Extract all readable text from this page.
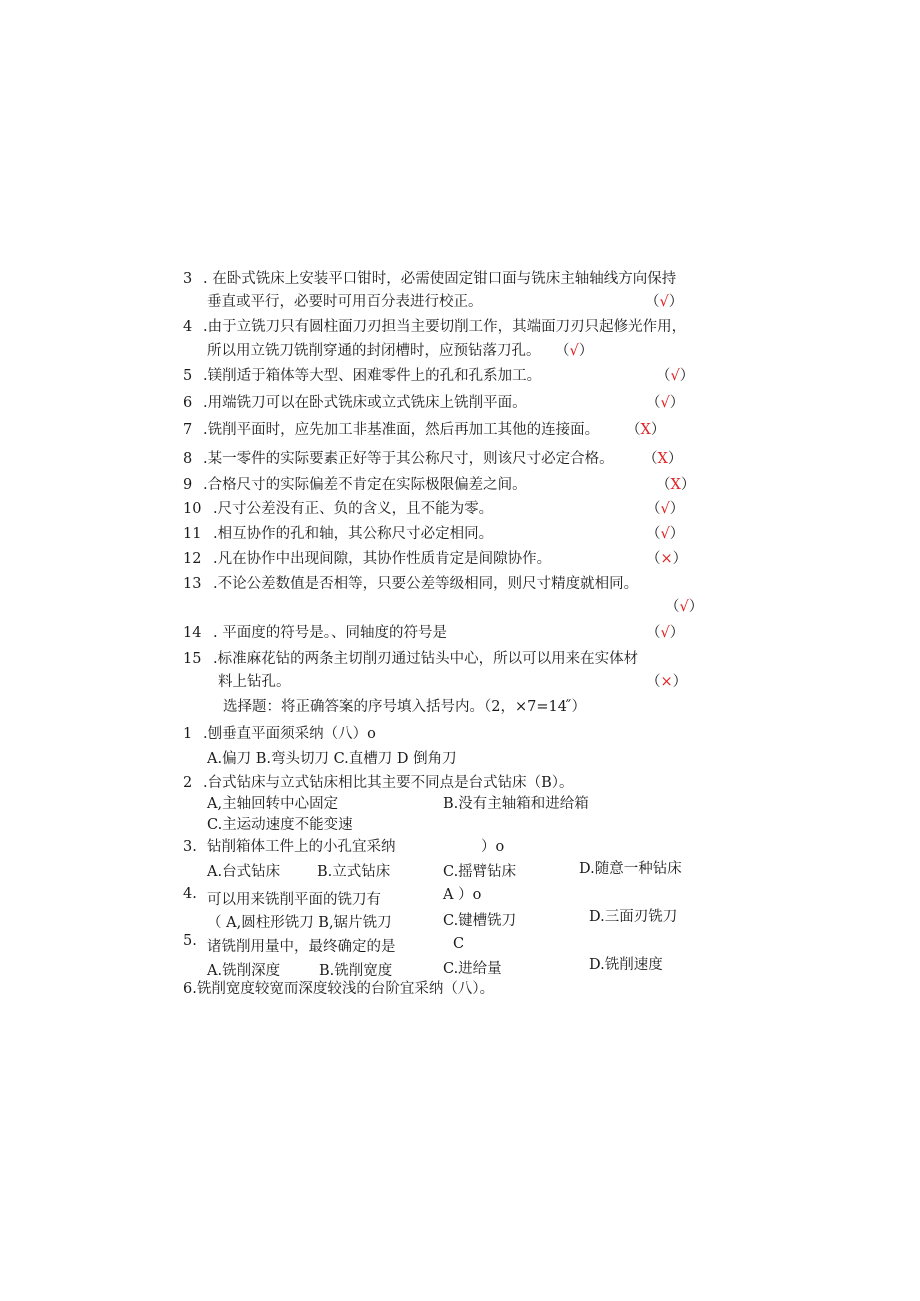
3 . 在卧式铣床上安装平口钳时，必需使固定钳口面与铣床主轴轴线方向保持
垂直或平行，必要时可用百分表进行校正。	（√）
4 .由于立铣刀只有圆柱面刀刃担当主要切削工作，其端面刀刃只起修光作用，
所以用立铣刀铣削穿通的封闭槽时，应预钻落刀孔。 （√）
5 .镁削适于箱体等大型、困难零件上的孔和孔系加工。	（√）
6 .用端铣刀可以在卧式铣床或立式铣床上铣削平面。	（√）
7 .铣削平面时，应先加工非基准面，然后再加工其他的连接面。 （X）
8 .某一零件的实际要素正好等于其公称尺寸，则该尺寸必定合格。 （X）
9 .合格尺寸的实际偏差不肯定在实际极限偏差之间。	（X）
10 .尺寸公差没有正、负的含义，且不能为零。	（√）
11 .相互协作的孔和轴，其公称尺寸必定相同。	（√）
12 .凡在协作中出现间隙，其协作性质肯定是间隙协作。	（×）
13 .不论公差数值是否相等，只要公差等级相同，则尺寸精度就相同。
（√）
14 . 平面度的符号是。、同轴度的符号是	（√）
15 .标准麻花钻的两条主切削刃通过钻头中心，所以可以用来在实体材
料上钻孔。	（×）
选择题：将正确答案的序号填入括号内。（2，×7=14 ̋）
1 .刨垂直平面须采纳（八）o
A.偏刀 B.弯头切刀 C.直槽刀 D 倒角刀
2 .台式钻床与立式钻床相比其主要不同点是台式钻床（B）。
A,主轴回转中心固定	B.没有主轴箱和进给箱
C.主运动速度不能变速
3. 钻削箱体工件上的小孔宜采纳	）o
A.台式钻床	B.立式钻床	C.摇臂钻床	D.随意一种钻床
4. 可以用来铣削平面的铣刀有	A ）o
（ A,圆柱形铣刀 B,锯片铣刀	C.键槽铣刀	D.三面刃铣刀
5. 诸铣削用量中，最终确定的是	C
A.铣削深度	B.铣削宽度	C.进给量	D.铣削速度
6.铣削宽度较宽而深度较浅的台阶宜采纳（八）。
